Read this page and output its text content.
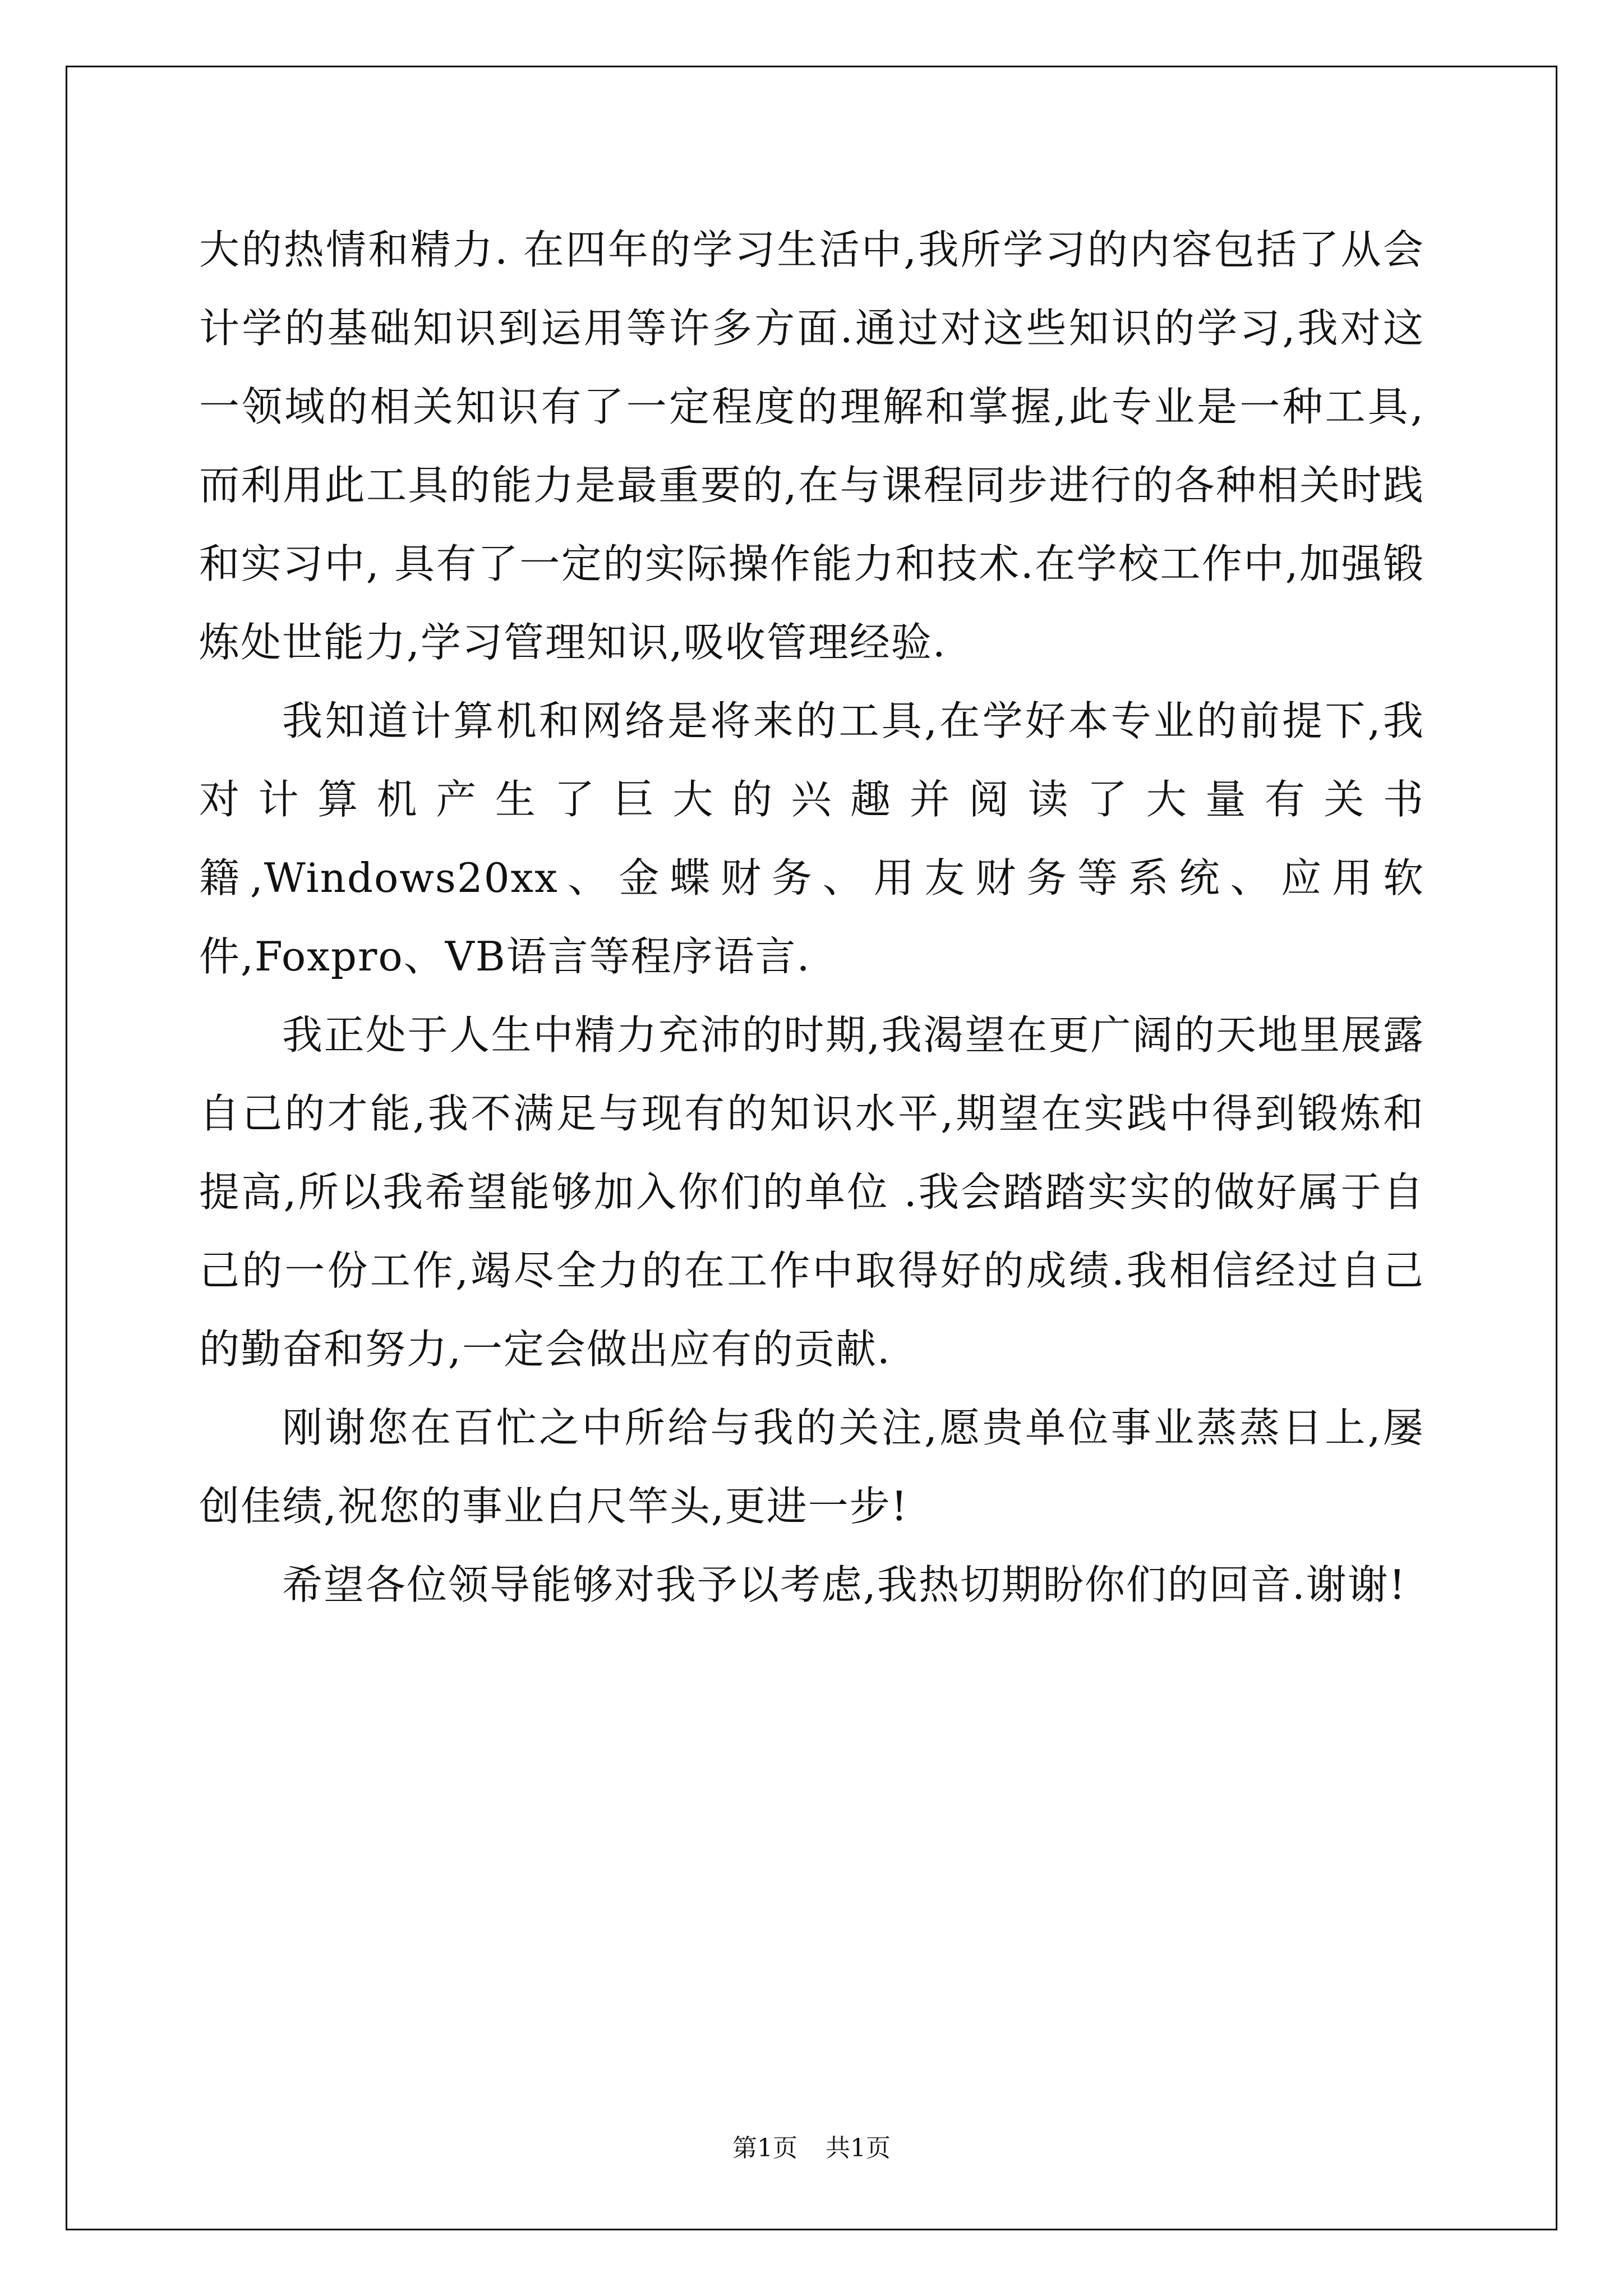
大的热情和精力. 在四年的学习生活中,我所学习的内容包括了从会计学的基础知识到运用等许多方面.通过对这些知识的学习,我对这一领域的相关知识有了一定程度的理解和掌握,此专业是一种工具,而利用此工具的能力是最重要的,在与课程同步进行的各种相关时践和实习中, 具有了一定的实际操作能力和技术.在学校工作中,加强锻炼处世能力,学习管理知识,吸收管理经验.

我知道计算机和网络是将来的工具,在学好本专业的前提下,我对计算机产生了巨大的兴趣并阅读了大量有关书籍,Windows20xx、金蝶财务、用友财务等系统、应用软件,Foxpro、VB语言等程序语言.

我正处于人生中精力充沛的时期,我渴望在更广阔的天地里展露自己的才能,我不满足与现有的知识水平,期望在实践中得到锻炼和提高,所以我希望能够加入你们的单位 .我会踏踏实实的做好属于自己的一份工作,竭尽全力的在工作中取得好的成绩.我相信经过自己的勤奋和努力,一定会做出应有的贡献.

刚谢您在百忙之中所给与我的关注,愿贵单位事业蒸蒸日上,屡创佳绩,祝您的事业白尺竿头,更进一步!

希望各位领导能够对我予以考虑,我热切期盼你们的回音.谢谢!

第1页 共1页
